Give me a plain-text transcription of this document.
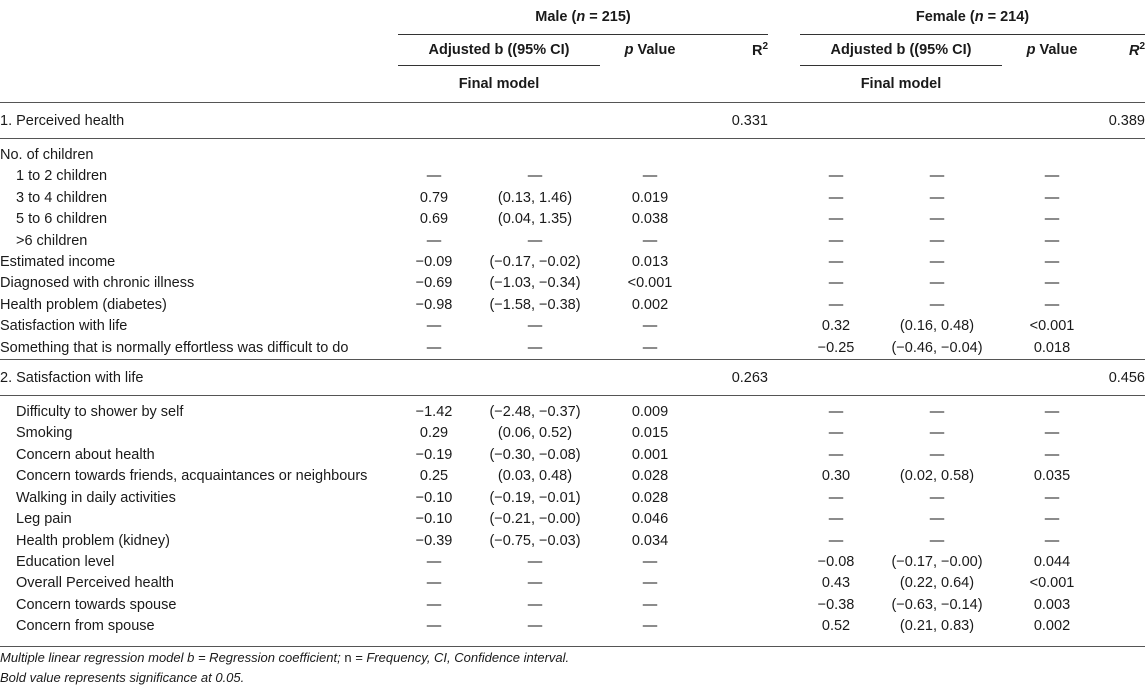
	Male (n = 215)					Female (n = 214)			
	Adjusted b ((95% CI)		p Value	$R^2$		Adjusted b ((95% CI)		p Value	$R^2$
	Final model					Final model			
1. Perceived health				0.331					0.389

No. of children									
1 to 2 children	—	—	—			—	—	—	
3 to 4 children	0.79	(0.13, 1.46)	0.019			—	—	—	
5 to 6 children	0.69	(0.04, 1.35)	0.038			—	—	—	
>6 children	—	—	—			—	—	—	
Estimated income	−0.09	(−0.17, −0.02)	0.013			—	—	—	
Diagnosed with chronic illness	−0.69	(−1.03, −0.34)	<0.001			—	—	—	
Health problem (diabetes)	−0.98	(−1.58, −0.38)	0.002			—	—	—	
Satisfaction with life	—	—	—			0.32	(0.16, 0.48)	<0.001	
Something that is normally effortless was difficult to do	—	—	—			−0.25	(−0.46, −0.04)	0.018	
2. Satisfaction with life				0.263					0.456

Difficulty to shower by self	−1.42	(−2.48, −0.37)	0.009			—	—	—	
Smoking	0.29	(0.06, 0.52)	0.015			—	—	—	
Concern about health	−0.19	(−0.30, −0.08)	0.001			—	—	—	
Concern towards friends, acquaintances or neighbours	0.25	(0.03, 0.48)	0.028			0.30	(0.02, 0.58)	0.035	
Walking in daily activities	−0.10	(−0.19, −0.01)	0.028			—	—	—	
Leg pain	−0.10	(−0.21, −0.00)	0.046			—	—	—	
Health problem (kidney)	−0.39	(−0.75, −0.03)	0.034			—	—	—	
Education level	—	—	—			−0.08	(−0.17, −0.00)	0.044	
Overall Perceived health	—	—	—			0.43	(0.22, 0.64)	<0.001	
Concern towards spouse	—	—	—			−0.38	(−0.63, −0.14)	0.003	
Concern from spouse	—	—	—			0.52	(0.21, 0.83)	0.002	

Multiple linear regression model b = Regression coefficient; n = Frequency, CI, Confidence interval.
Bold value represents significance at 0.05.
